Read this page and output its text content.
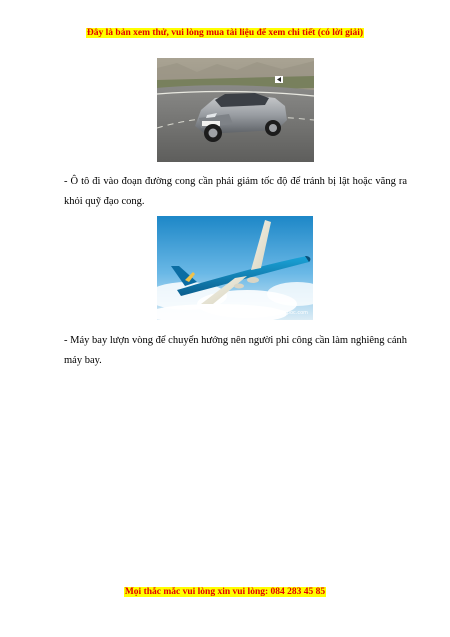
Đây là bản xem thử, vui lòng mua tài liệu để xem chi tiết (có lời giải)
- Ô tô đi vào đoạn đường cong cần phải giảm tốc độ để tránh bị lật hoặc văng ra khỏi quỹ đạo cong.
vnglepoc.com
- Máy bay lượn vòng để chuyển hướng nên người phi công cần làm nghiêng cánh máy bay.
Mọi thắc mắc vui lòng xin vui lòng: 084 283 45 85
